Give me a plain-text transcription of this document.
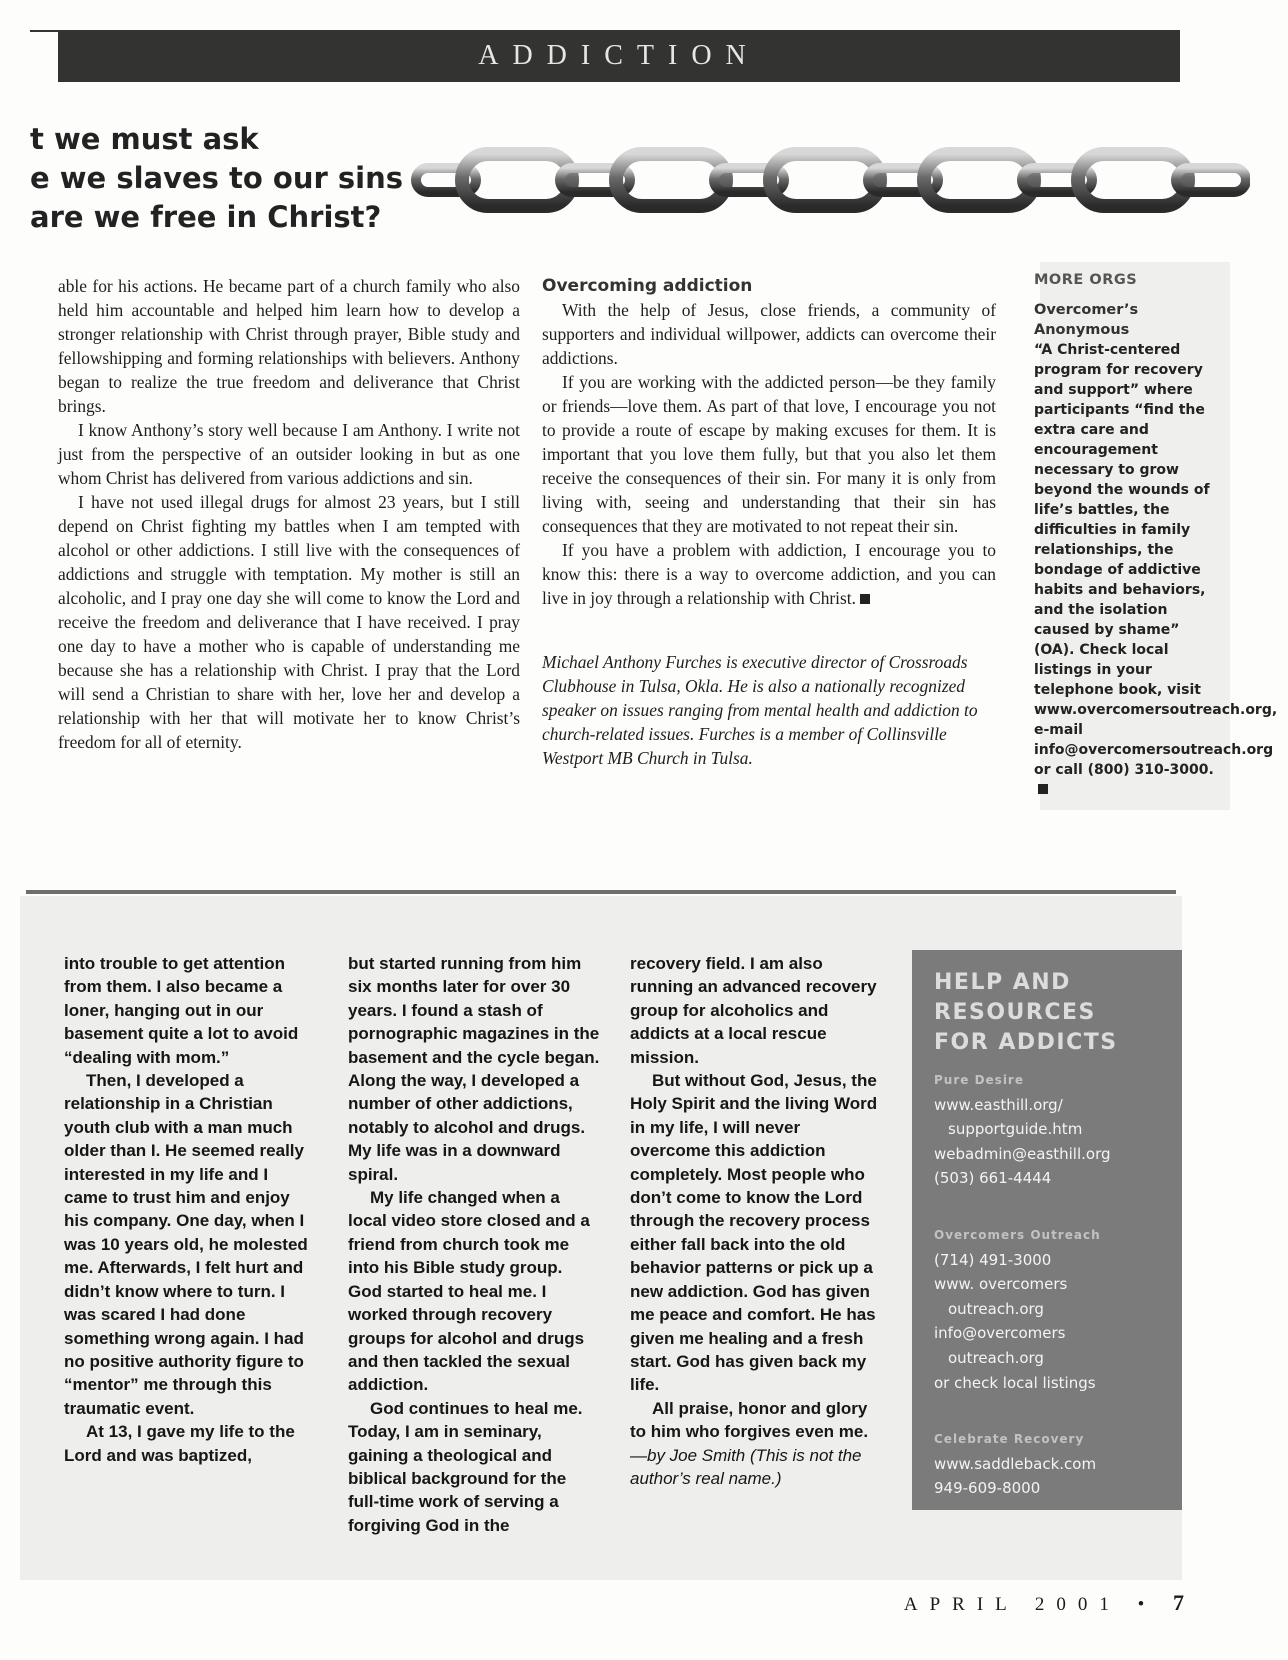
ADDICTION
t we must ask
e we slaves to our sins
are we free in Christ?

able for his actions. He became part of a church family who also held him accountable and helped him learn how to develop a stronger relationship with Christ through prayer, Bible study and fellowshipping and forming relationships with believers. Anthony began to realize the true freedom and deliverance that Christ brings.

I know Anthony’s story well because I am Anthony. I write not just from the perspective of an outsider looking in but as one whom Christ has delivered from various addictions and sin.

I have not used illegal drugs for almost 23 years, but I still depend on Christ fighting my battles when I am tempted with alcohol or other addictions. I still live with the consequences of addictions and struggle with temptation. My mother is still an alcoholic, and I pray one day she will come to know the Lord and receive the freedom and deliverance that I have received. I pray one day to have a mother who is capable of understanding me because she has a relationship with Christ. I pray that the Lord will send a Christian to share with her, love her and develop a relationship with her that will motivate her to know Christ’s freedom for all of eternity.

Overcoming addiction

With the help of Jesus, close friends, a community of supporters and individual willpower, addicts can overcome their addictions.

If you are working with the addicted person—be they family or friends—love them. As part of that love, I encourage you not to provide a route of escape by making excuses for them. It is important that you love them fully, but that you also let them receive the consequences of their sin. For many it is only from living with, seeing and understanding that their sin has consequences that they are motivated to not repeat their sin.

If you have a problem with addiction, I encourage you to know this: there is a way to overcome addiction, and you can live in joy through a relationship with Christ.

Michael Anthony Furches is executive director of Crossroads Clubhouse in Tulsa, Okla. He is also a nationally recognized speaker on issues ranging from mental health and addiction to church-related issues. Furches is a member of Collinsville Westport MB Church in Tulsa.

MORE ORGS
Overcomer’s Anonymous
“A Christ-centered program for recovery and support” where participants “find the extra care and encouragement necessary to grow beyond the wounds of life’s battles, the difficulties in family relationships, the bondage of addictive habits and behaviors, and the isolation caused by shame” (OA). Check local listings in your telephone book, visit www.overcomersoutreach.org, e-mail info@overcomersoutreach.org or call (800) 310-3000.

into trouble to get attention from them. I also became a loner, hanging out in our basement quite a lot to avoid “dealing with mom.”

Then, I developed a relationship in a Christian youth club with a man much older than I. He seemed really interested in my life and I came to trust him and enjoy his company. One day, when I was 10 years old, he molested me. Afterwards, I felt hurt and didn’t know where to turn. I was scared I had done something wrong again. I had no positive authority figure to “mentor” me through this traumatic event.

At 13, I gave my life to the Lord and was baptized,

but started running from him six months later for over 30 years. I found a stash of pornographic magazines in the basement and the cycle began. Along the way, I developed a number of other addictions, notably to alcohol and drugs. My life was in a downward spiral.

My life changed when a local video store closed and a friend from church took me into his Bible study group. God started to heal me. I worked through recovery groups for alcohol and drugs and then tackled the sexual addiction.

God continues to heal me. Today, I am in seminary, gaining a theological and biblical background for the full-time work of serving a forgiving God in the

recovery field. I am also running an advanced recovery group for alcoholics and addicts at a local rescue mission.

But without God, Jesus, the Holy Spirit and the living Word in my life, I will never overcome this addiction completely. Most people who don’t come to know the Lord through the recovery process either fall back into the old behavior patterns or pick up a new addiction. God has given me peace and comfort. He has given me healing and a fresh start. God has given back my life.

All praise, honor and glory to him who forgives even me. —by Joe Smith (This is not the author’s real name.)

HELP AND
RESOURCES
FOR ADDICTS
Pure Desire
www.easthill.org/
supportguide.htm
webadmin@easthill.org
(503) 661-4444
Overcomers Outreach
(714) 491-3000
www. overcomers
outreach.org
info@overcomers
outreach.org
or check local listings
Celebrate Recovery
www.saddleback.com
949-609-8000
APRIL 2001 • 7
